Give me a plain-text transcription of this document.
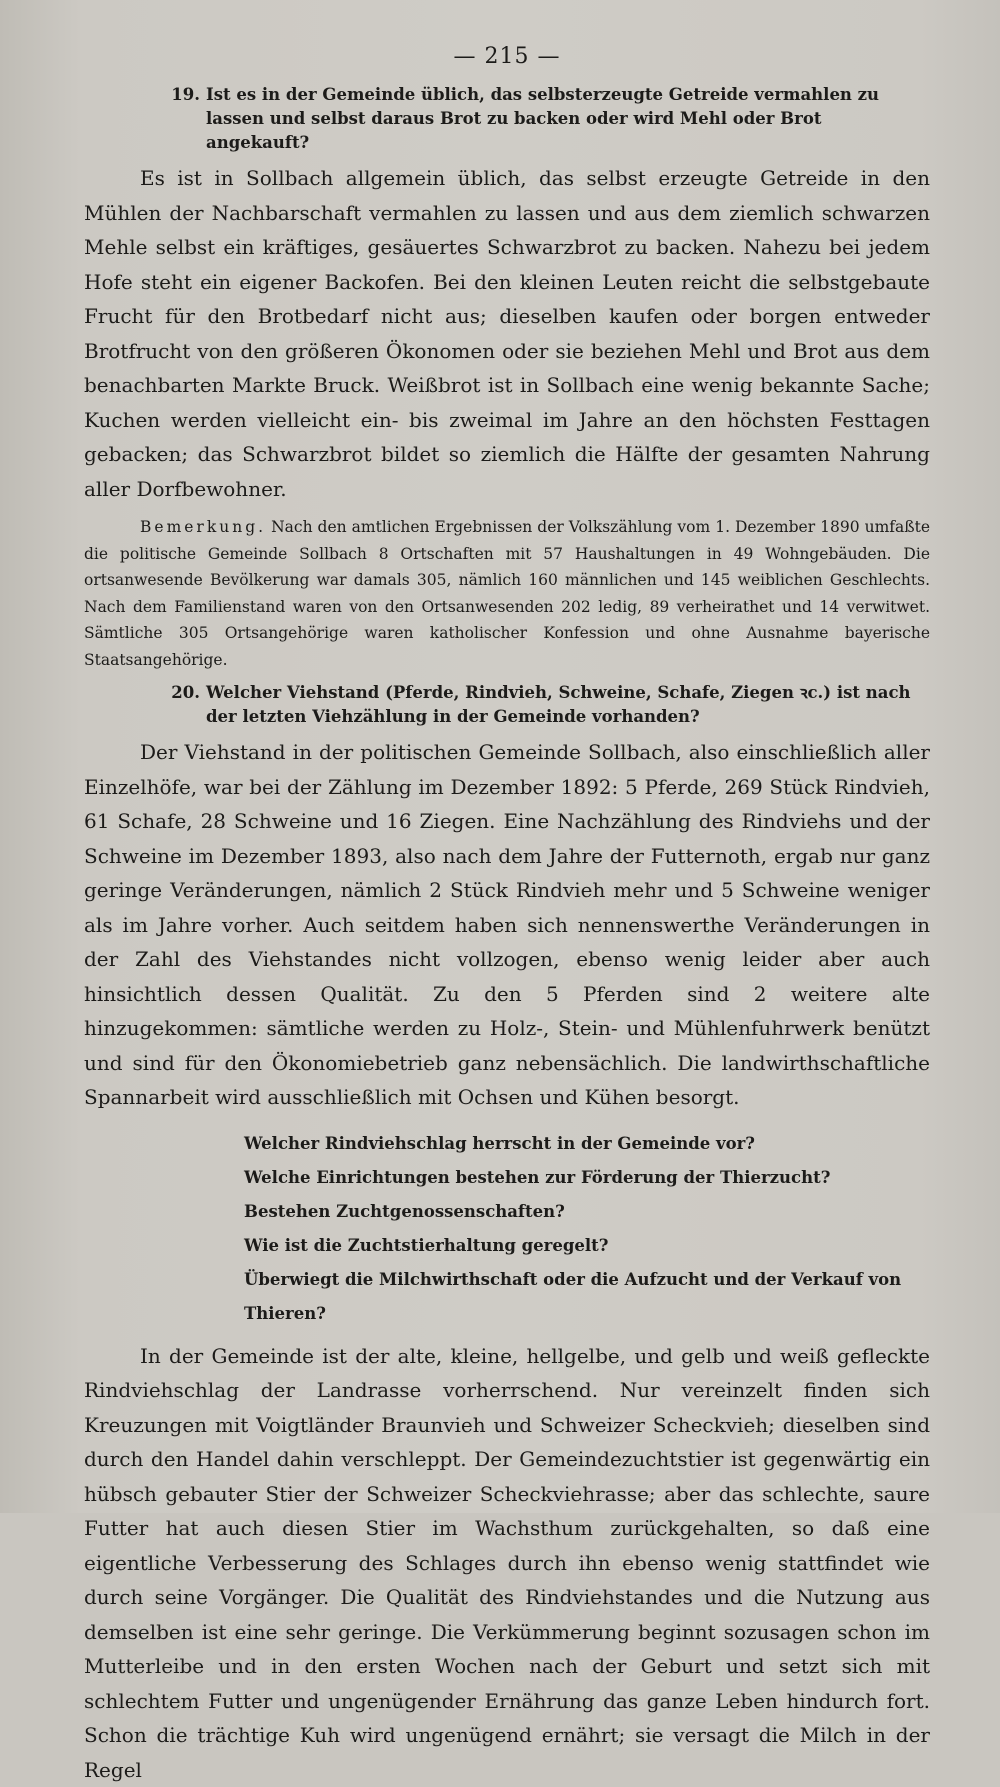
— 215 —
19. Ist es in der Gemeinde üblich, das selbsterzeugte Getreide vermahlen zu lassen und selbst daraus Brot zu backen oder wird Mehl oder Brot angekauft?

Es ist in Sollbach allgemein üblich, das selbst erzeugte Getreide in den Mühlen der Nachbarschaft vermahlen zu lassen und aus dem ziemlich schwarzen Mehle selbst ein kräftiges, gesäuertes Schwarzbrot zu backen. Nahezu bei jedem Hofe steht ein eigener Backofen. Bei den kleinen Leuten reicht die selbstgebaute Frucht für den Brotbedarf nicht aus; dieselben kaufen oder borgen entweder Brotfrucht von den größeren Ökonomen oder sie beziehen Mehl und Brot aus dem benachbarten Markte Bruck. Weißbrot ist in Sollbach eine wenig bekannte Sache; Kuchen werden vielleicht ein- bis zweimal im Jahre an den höchsten Festtagen gebacken; das Schwarzbrot bildet so ziemlich die Hälfte der gesamten Nahrung aller Dorfbewohner.

Bemerkung. Nach den amtlichen Ergebnissen der Volkszählung vom 1. Dezember 1890 umfaßte die politische Gemeinde Sollbach 8 Ortschaften mit 57 Haushaltungen in 49 Wohngebäuden. Die ortsanwesende Bevölkerung war damals 305, nämlich 160 männlichen und 145 weiblichen Geschlechts. Nach dem Familienstand waren von den Ortsanwesenden 202 ledig, 89 verheirathet und 14 verwitwet. Sämtliche 305 Ortsangehörige waren katholischer Konfession und ohne Ausnahme bayerische Staatsangehörige.

20. Welcher Viehstand (Pferde, Rindvieh, Schweine, Schafe, Ziegen ꝛc.) ist nach der letzten Viehzählung in der Gemeinde vorhanden?

Der Viehstand in der politischen Gemeinde Sollbach, also einschließlich aller Einzelhöfe, war bei der Zählung im Dezember 1892: 5 Pferde, 269 Stück Rindvieh, 61 Schafe, 28 Schweine und 16 Ziegen. Eine Nachzählung des Rindviehs und der Schweine im Dezember 1893, also nach dem Jahre der Futternoth, ergab nur ganz geringe Veränderungen, nämlich 2 Stück Rindvieh mehr und 5 Schweine weniger als im Jahre vorher. Auch seitdem haben sich nennenswerthe Veränderungen in der Zahl des Viehstandes nicht vollzogen, ebenso wenig leider aber auch hinsichtlich dessen Qualität. Zu den 5 Pferden sind 2 weitere alte hinzugekommen: sämtliche werden zu Holz-, Stein- und Mühlenfuhrwerk benützt und sind für den Ökonomiebetrieb ganz nebensächlich. Die landwirthschaftliche Spannarbeit wird ausschließlich mit Ochsen und Kühen besorgt.

Welcher Rindviehschlag herrscht in der Gemeinde vor?
Welche Einrichtungen bestehen zur Förderung der Thierzucht?
Bestehen Zuchtgenossenschaften?
Wie ist die Zuchtstierhaltung geregelt?
Überwiegt die Milchwirthschaft oder die Aufzucht und der Verkauf von Thieren?

In der Gemeinde ist der alte, kleine, hellgelbe, und gelb und weiß gefleckte Rindviehschlag der Landrasse vorherrschend. Nur vereinzelt finden sich Kreuzungen mit Voigtländer Braunvieh und Schweizer Scheckvieh; dieselben sind durch den Handel dahin verschleppt. Der Gemeindezuchtstier ist gegenwärtig ein hübsch gebauter Stier der Schweizer Scheckviehrasse; aber das schlechte, saure Futter hat auch diesen Stier im Wachsthum zurückgehalten, so daß eine eigentliche Verbesserung des Schlages durch ihn ebenso wenig stattfindet wie durch seine Vorgänger. Die Qualität des Rindviehstandes und die Nutzung aus demselben ist eine sehr geringe. Die Verkümmerung beginnt sozusagen schon im Mutterleibe und in den ersten Wochen nach der Geburt und setzt sich mit schlechtem Futter und ungenügender Ernährung das ganze Leben hindurch fort. Schon die trächtige Kuh wird ungenügend ernährt; sie versagt die Milch in der Regel
